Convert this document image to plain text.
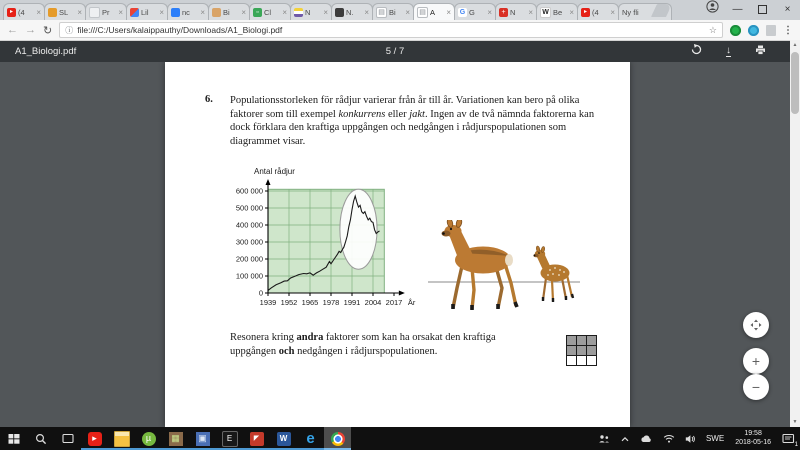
▸ (4	× SL	×	Pr	× Lil	× nc	× Bi	× ▫ Cl	× N	× N.	× ▤ Bi	× ▤ A	× G G	× + N	× W Be × ▸ (4	× Ny fli	—	×
← → ↻ ⓘ file:///C:/Users/kalaippauthy/Downloads/A1_Biologi.pdf	☆	⋮
A1_Biologi.pdf	5 / 7	↓
6. Populationsstorleken för rådjur varierar från år till år. Variationen kan bero på olika faktorer som till exempel konkurrens eller jakt. Ingen av de två nämnda faktorerna kan dock förklara den kraftiga uppgången och nedgången i rådjurspopulationen som diagrammet visar.
0
100 000
200 000
300 000
400 000
500 000
600 000
1939 1952 1965 1978 1991 2004 2017 År
Antal rådjur
Resonera kring andra faktorer som kan ha orsakat den kraftiga uppgången och nedgången i rådjurspopulationen.
+
−
▲
▼
▸	µ ▦ ▣	E	◤	W e	SWE
19:58
2018-05-16	1
